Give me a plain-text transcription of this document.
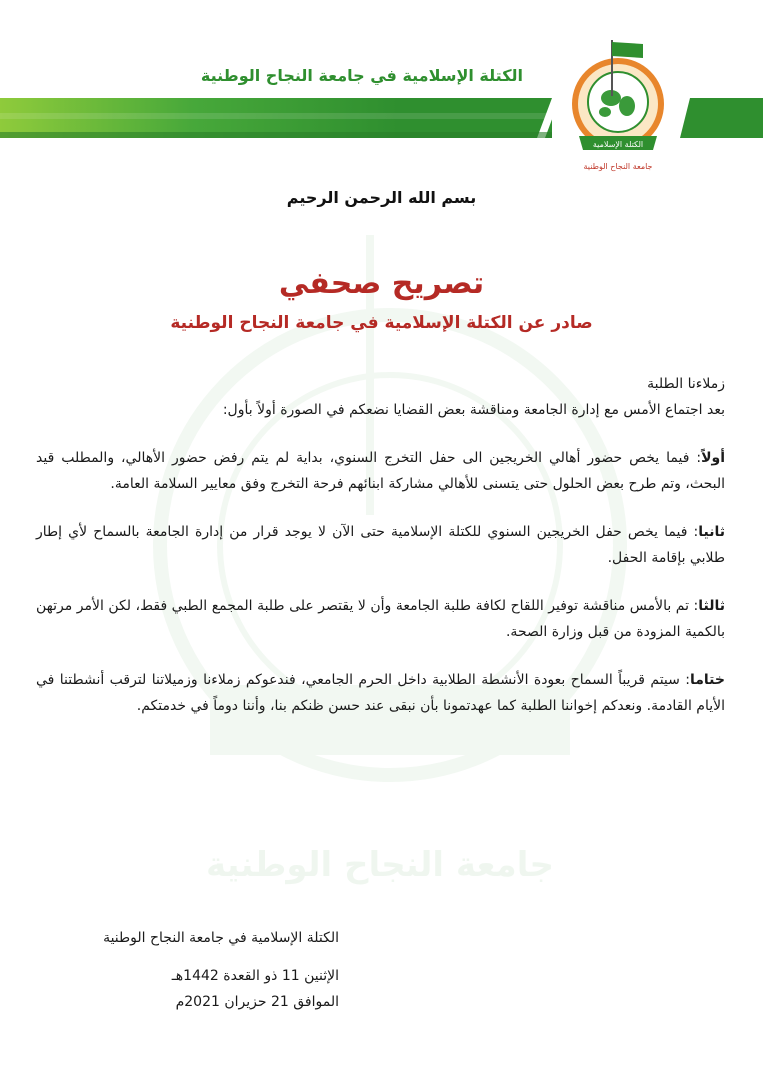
الكتلة الإسلامية في جامعة النجاح الوطنية
الكتلة الإسلامية
جامعة النجاح الوطنية
جامعة النجاح الوطنية
بسم الله الرحمن الرحيم
تصريح صحفي
صادر عن الكتلة الإسلامية في جامعة النجاح الوطنية

زملاءنا الطلبة

بعد اجتماع الأمس مع إدارة الجامعة ومناقشة بعض القضايا نضعكم في الصورة أولاً بأول:

أولاً: فيما يخص حضور أهالي الخريجين الى حفل التخرج السنوي، بداية لم يتم رفض حضور الأهالي، والمطلب قيد البحث، وتم طرح بعض الحلول حتى يتسنى للأهالي مشاركة ابنائهم فرحة التخرج وفق معايير السلامة العامة.

ثانيا: فيما يخص حفل الخريجين السنوي للكتلة الإسلامية حتى الآن لا يوجد قرار من إدارة الجامعة بالسماح لأي إطار طلابي بإقامة الحفل.

ثالثا: تم بالأمس مناقشة توفير اللقاح لكافة طلبة الجامعة وأن لا يقتصر على طلبة المجمع الطبي فقط، لكن الأمر مرتهن بالكمية المزودة من قبل وزارة الصحة.

ختاما: سيتم قريباً السماح بعودة الأنشطة الطلابية داخل الحرم الجامعي، فندعوكم زملاءنا وزميلاتنا لترقب أنشطتنا في الأيام القادمة. ونعدكم إخواننا الطلبة كما عهدتمونا بأن نبقى عند حسن ظنكم بنا، وأننا دوماً في خدمتكم.

الكتلة الإسلامية في جامعة النجاح الوطنية
الإثنين 11 ذو القعدة 1442هـ
الموافق 21 حزيران 2021م
